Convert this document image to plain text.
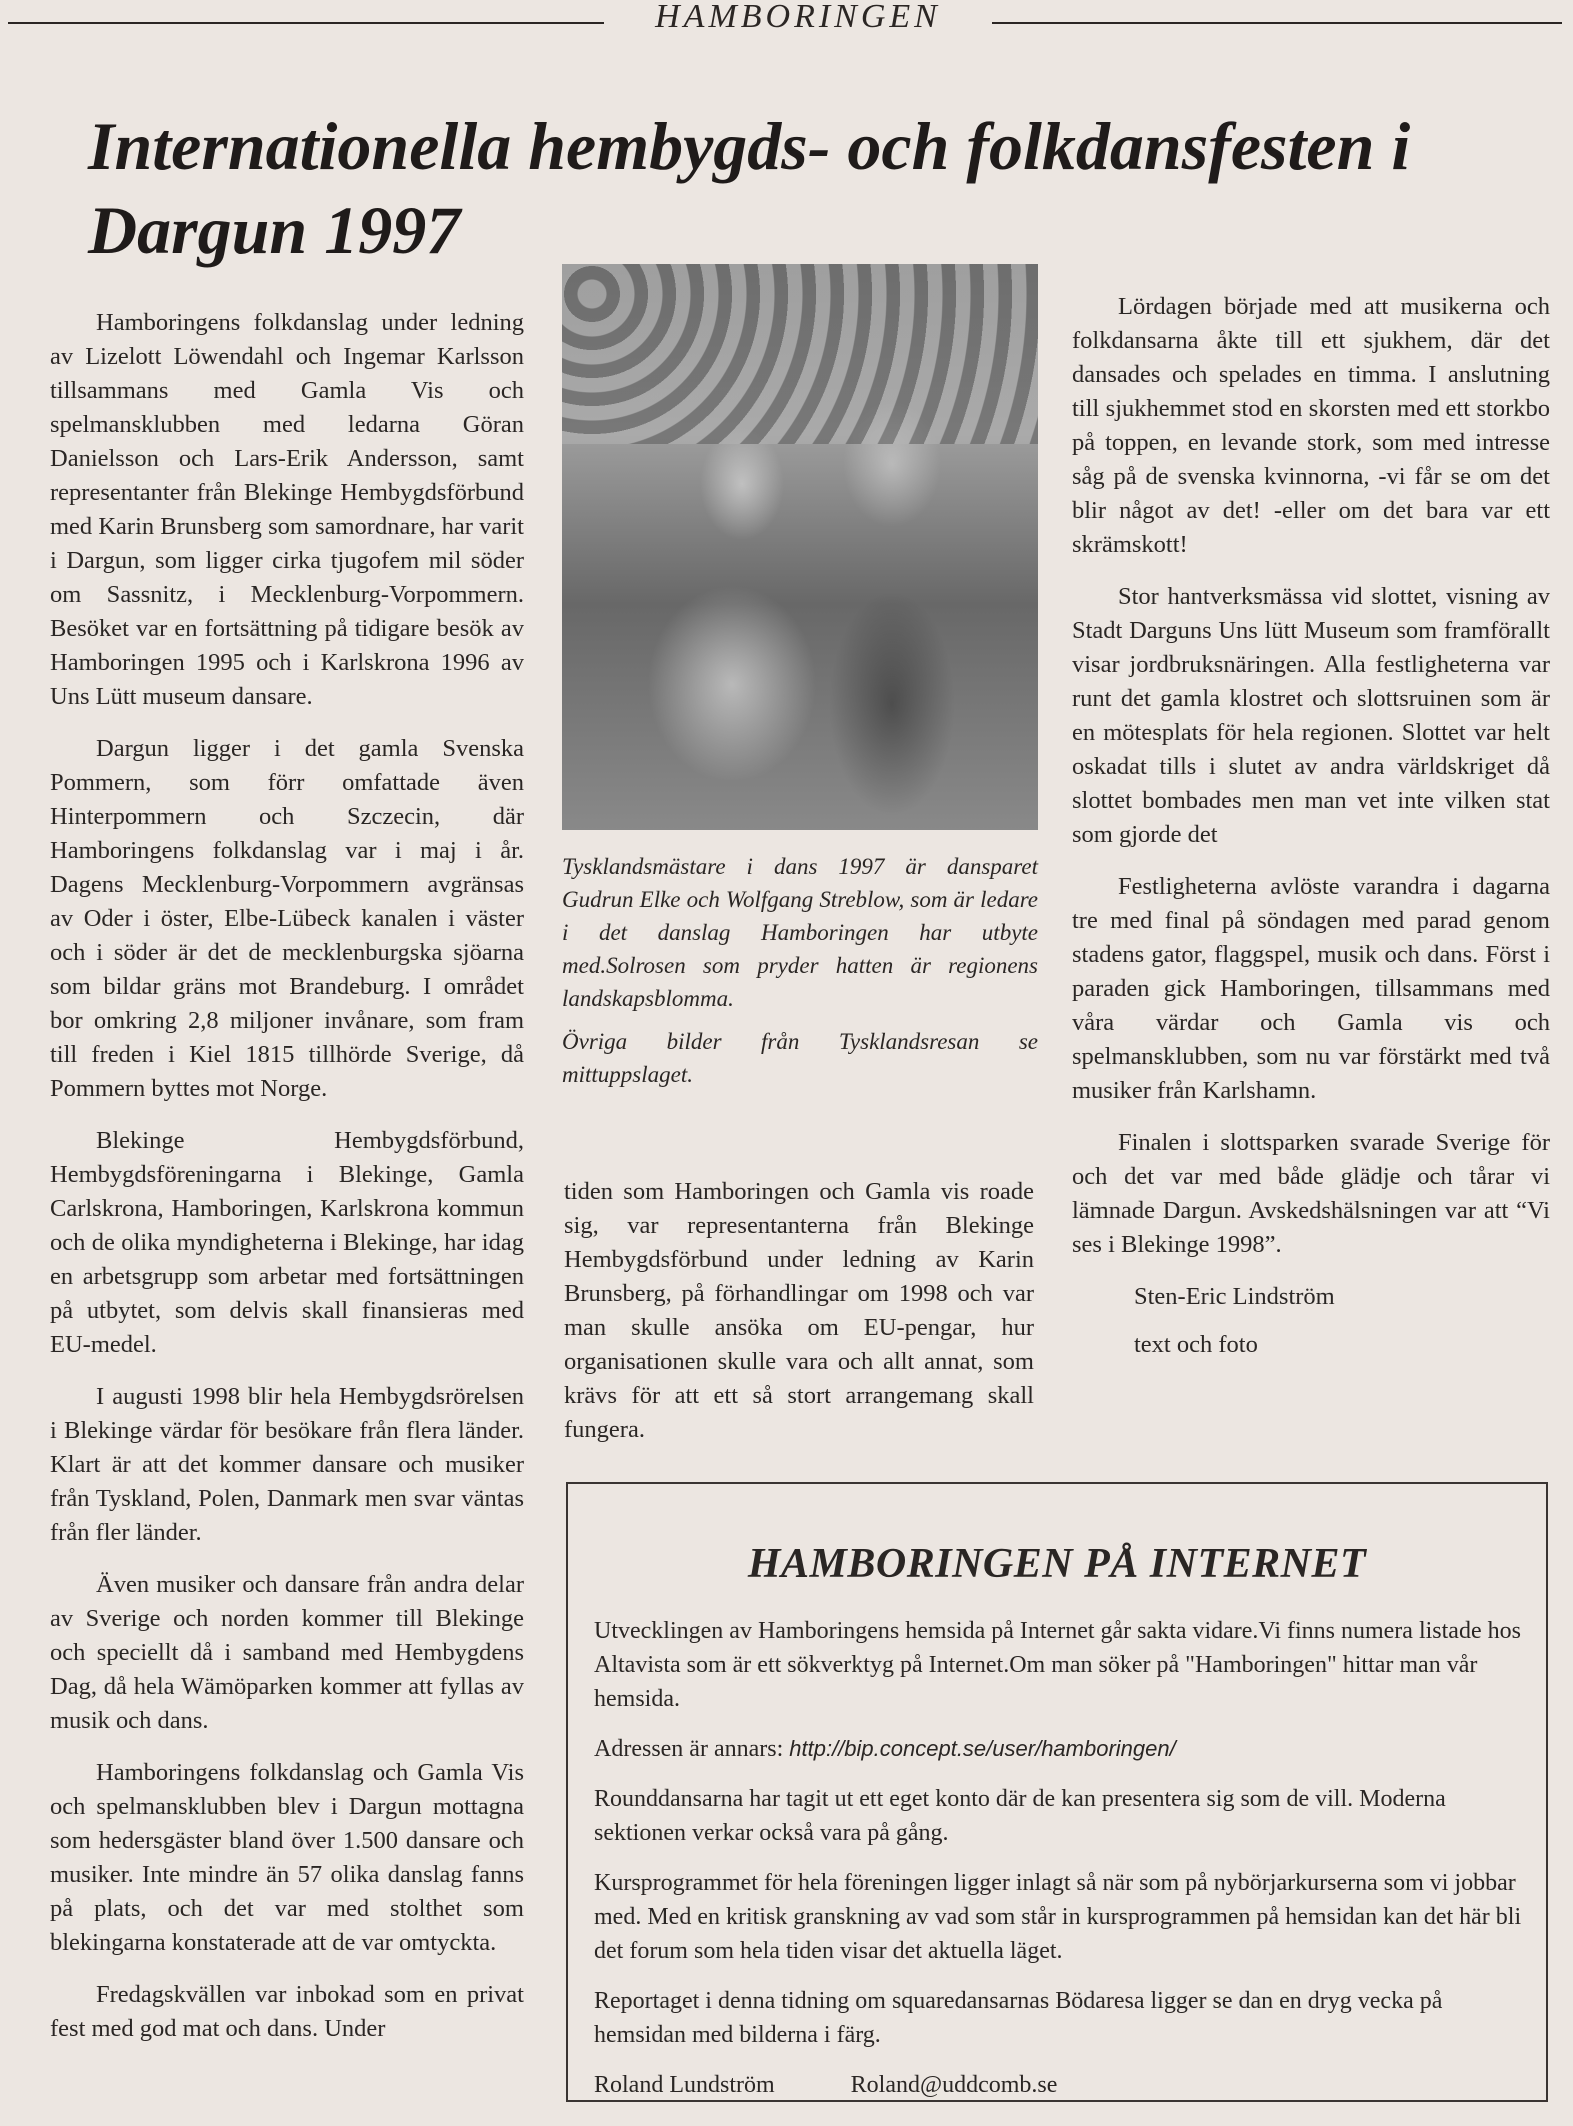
HAMBORINGEN
Internationella hembygds- och folkdansfesten i Dargun 1997

Hamboringens folkdanslag under ledning av Lizelott Löwendahl och Ingemar Karlsson tillsammans med Gamla Vis och spelmansklubben med ledarna Göran Danielsson och Lars-Erik Andersson, samt representanter från Blekinge Hembygdsförbund med Karin Brunsberg som samordnare, har varit i Dargun, som ligger cirka tjugofem mil söder om Sassnitz, i Mecklenburg-Vorpommern. Besöket var en fortsättning på tidigare besök av Hamboringen 1995 och i Karlskrona 1996 av Uns Lütt museum dansare.

Dargun ligger i det gamla Svenska Pommern, som förr omfattade även Hinterpommern och Szczecin, där Hamboringens folkdanslag var i maj i år. Dagens Mecklenburg-Vorpommern avgränsas av Oder i öster, Elbe-Lübeck kanalen i väster och i söder är det de mecklenburgska sjöarna som bildar gräns mot Brandeburg. I området bor omkring 2,8 miljoner invånare, som fram till freden i Kiel 1815 tillhörde Sverige, då Pommern byttes mot Norge.

Blekinge Hembygdsförbund, Hembygdsföreningarna i Blekinge, Gamla Carlskrona, Hamboringen, Karlskrona kommun och de olika myndigheterna i Blekinge, har idag en arbetsgrupp som arbetar med fortsättningen på utbytet, som delvis skall finansieras med EU-medel.

I augusti 1998 blir hela Hembygdsrörelsen i Blekinge värdar för besökare från flera länder. Klart är att det kommer dansare och musiker från Tyskland, Polen, Danmark men svar väntas från fler länder.

Även musiker och dansare från andra delar av Sverige och norden kommer till Blekinge och speciellt då i samband med Hembygdens Dag, då hela Wämöparken kommer att fyllas av musik och dans.

Hamboringens folkdanslag och Gamla Vis och spelmansklubben blev i Dargun mottagna som hedersgäster bland över 1.500 dansare och musiker. Inte mindre än 57 olika danslag fanns på plats, och det var med stolthet som blekingarna konstaterade att de var omtyckta.

Fredagskvällen var inbokad som en privat fest med god mat och dans. Under

Tysklandsmästare i dans 1997 är dansparet Gudrun Elke och Wolfgang Streblow, som är ledare i det danslag Hamboringen har utbyte med.Solrosen som pryder hatten är regionens landskapsblomma.

Övriga bilder från Tysklandsresan se mittuppslaget.

tiden som Hamboringen och Gamla vis roade sig, var representanterna från Blekinge Hembygdsförbund under ledning av Karin Brunsberg, på förhandlingar om 1998 och var man skulle ansöka om EU-pengar, hur organisationen skulle vara och allt annat, som krävs för att ett så stort arrangemang skall fungera.

Lördagen började med att musikerna och folkdansarna åkte till ett sjukhem, där det dansades och spelades en timma. I anslutning till sjukhemmet stod en skorsten med ett storkbo på toppen, en levande stork, som med intresse såg på de svenska kvinnorna, -vi får se om det blir något av det! -eller om det bara var ett skrämskott!

Stor hantverksmässa vid slottet, visning av Stadt Darguns Uns lütt Museum som framförallt visar jordbruksnäringen. Alla festligheterna var runt det gamla klostret och slottsruinen som är en mötesplats för hela regionen. Slottet var helt oskadat tills i slutet av andra världskriget då slottet bombades men man vet inte vilken stat som gjorde det

Festligheterna avlöste varandra i dagarna tre med final på söndagen med parad genom stadens gator, flaggspel, musik och dans. Först i paraden gick Hamboringen, tillsammans med våra värdar och Gamla vis och spelmansklubben, som nu var förstärkt med två musiker från Karlshamn.

Finalen i slottsparken svarade Sverige för och det var med både glädje och tårar vi lämnade Dargun. Avskedshälsningen var att “Vi ses i Blekinge 1998”.

Sten-Eric Lindström

text och foto

HAMBORINGEN PÅ INTERNET

Utvecklingen av Hamboringens hemsida på Internet går sakta vidare.Vi finns numera listade hos Altavista som är ett sökverktyg på Internet.Om man söker på "Hamboringen" hittar man vår hemsida.

Adressen är annars: http://bip.concept.se/user/hamboringen/

Rounddansarna har tagit ut ett eget konto där de kan presentera sig som de vill. Moderna sektionen verkar också vara på gång.

Kursprogrammet för hela föreningen ligger inlagt så när som på nybörjarkurserna som vi jobbar med. Med en kritisk granskning av vad som står in kursprogrammen på hemsidan kan det här bli det forum som hela tiden visar det aktuella läget.

Reportaget i denna tidning om squaredansarnas Bödaresa ligger se dan en dryg vecka på hemsidan med bilderna i färg.

Roland Lundström	Roland@uddcomb.se
